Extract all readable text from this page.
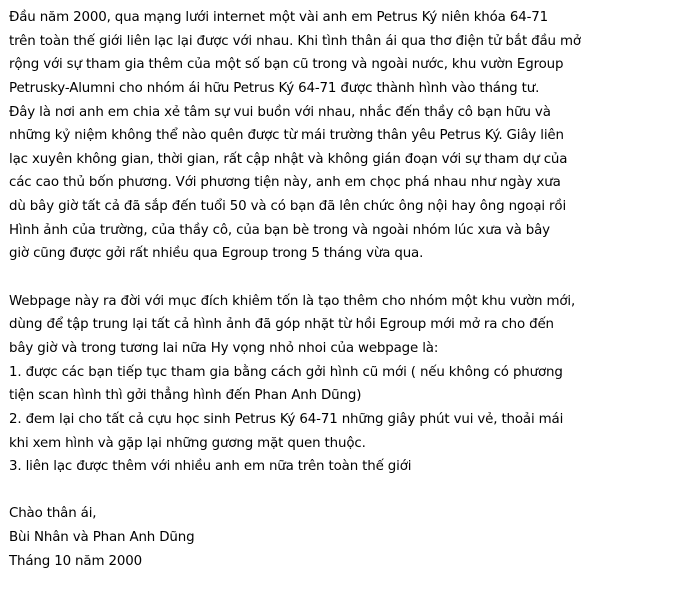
Đầu năm 2000, qua mạng lưới internet một vài anh em Petrus Ký niên khóa 64-71
trên toàn thế giới liên lạc lại được với nhau. Khi tình thân ái qua thơ điện tử bắt đầu mở
rộng với sự tham gia thêm của một số bạn cũ trong và ngoài nước, khu vườn Egroup
Petrusky-Alumni cho nhóm ái hữu Petrus Ký 64-71 được thành hình vào tháng tư.
Đây là nơi anh em chia xẻ tâm sự vui buồn với nhau, nhắc đến thầy cô bạn hữu và
những kỷ niệm không thể nào quên được từ mái trường thân yêu Petrus Ký. Giây liên
lạc xuyên không gian, thời gian, rất cập nhật và không gián đoạn với sự tham dự của
các cao thủ bốn phương. Với phương tiện này, anh em chọc phá nhau như ngày xưa
dù bây giờ tất cả đã sắp đến tuổi 50 và có bạn đã lên chức ông nội hay ông ngoại rồi
Hình ảnh của trường, của thầy cô, của bạn bè trong và ngoài nhóm lúc xưa và bây
giờ cũng được gởi rất nhiều qua Egroup trong 5 tháng vừa qua.
Webpage này ra đời với mục đích khiêm tốn là tạo thêm cho nhóm một khu vườn mới,
dùng để tập trung lại tất cả hình ảnh đã góp nhặt từ hồi Egroup mới mở ra cho đến
bây giờ và trong tương lai nữa Hy vọng nhỏ nhoi của webpage là:
1. được các bạn tiếp tục tham gia bằng cách gởi hình cũ mới ( nếu không có phương
tiện scan hình thì gởi thẳng hình đến Phan Anh Dũng)
2. đem lại cho tất cả cựu học sinh Petrus Ký 64-71 những giây phút vui vẻ, thoải mái
khi xem hình và gặp lại những gương mặt quen thuộc.
3. liên lạc được thêm với nhiều anh em nữa trên toàn thế giới
Chào thân ái,
Bùi Nhân và Phan Anh Dũng
Tháng 10 năm 2000
